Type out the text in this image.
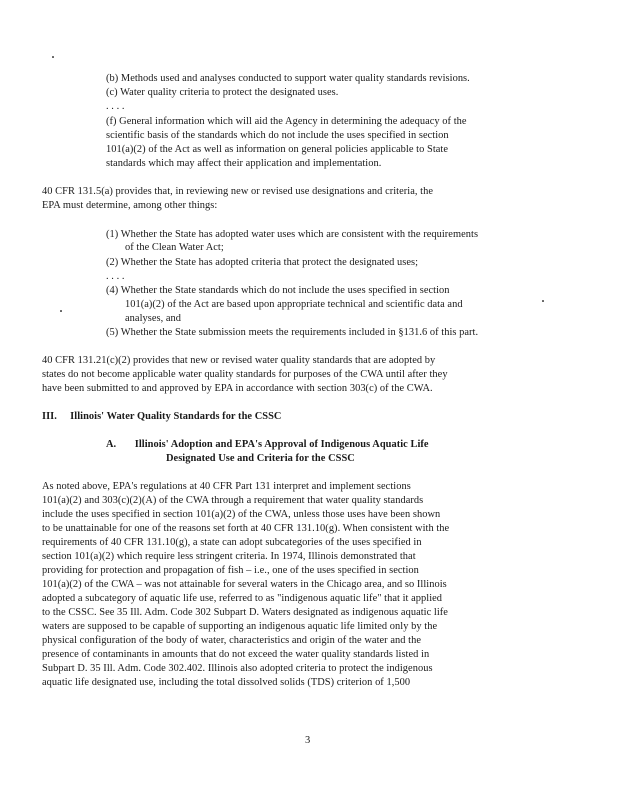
(b) Methods used and analyses conducted to support water quality standards revisions.
(c) Water quality criteria to protect the designated uses.
. . . .
(f) General information which will aid the Agency in determining the adequacy of the
scientific basis of the standards which do not include the uses specified in section
101(a)(2) of the Act as well as information on general policies applicable to State
standards which may affect their application and implementation.
40 CFR 131.5(a) provides that, in reviewing new or revised use designations and criteria, the
EPA must determine, among other things:
(1) Whether the State has adopted water uses which are consistent with the requirements
of the Clean Water Act;
(2) Whether the State has adopted criteria that protect the designated uses;
. . . .
(4) Whether the State standards which do not include the uses specified in section
101(a)(2) of the Act are based upon appropriate technical and scientific data and
analyses, and
(5) Whether the State submission meets the requirements included in §131.6 of this part.
40 CFR 131.21(c)(2) provides that new or revised water quality standards that are adopted by
states do not become applicable water quality standards for purposes of the CWA until after they
have been submitted to and approved by EPA in accordance with section 303(c) of the CWA.
III.     Illinois' Water Quality Standards for the CSSC
A.       Illinois' Adoption and EPA's Approval of Indigenous Aquatic Life
Designated Use and Criteria for the CSSC
As noted above, EPA's regulations at 40 CFR Part 131 interpret and implement sections
101(a)(2) and 303(c)(2)(A) of the CWA through a requirement that water quality standards
include the uses specified in section 101(a)(2) of the CWA, unless those uses have been shown
to be unattainable for one of the reasons set forth at 40 CFR 131.10(g). When consistent with the
requirements of 40 CFR 131.10(g), a state can adopt subcategories of the uses specified in
section 101(a)(2) which require less stringent criteria. In 1974, Illinois demonstrated that
providing for protection and propagation of fish – i.e., one of the uses specified in section
101(a)(2) of the CWA – was not attainable for several waters in the Chicago area, and so Illinois
adopted a subcategory of aquatic life use, referred to as "indigenous aquatic life" that it applied
to the CSSC. See 35 Ill. Adm. Code 302 Subpart D. Waters designated as indigenous aquatic life
waters are supposed to be capable of supporting an indigenous aquatic life limited only by the
physical configuration of the body of water, characteristics and origin of the water and the
presence of contaminants in amounts that do not exceed the water quality standards listed in
Subpart D. 35 Ill. Adm. Code 302.402. Illinois also adopted criteria to protect the indigenous
aquatic life designated use, including the total dissolved solids (TDS) criterion of 1,500
3
